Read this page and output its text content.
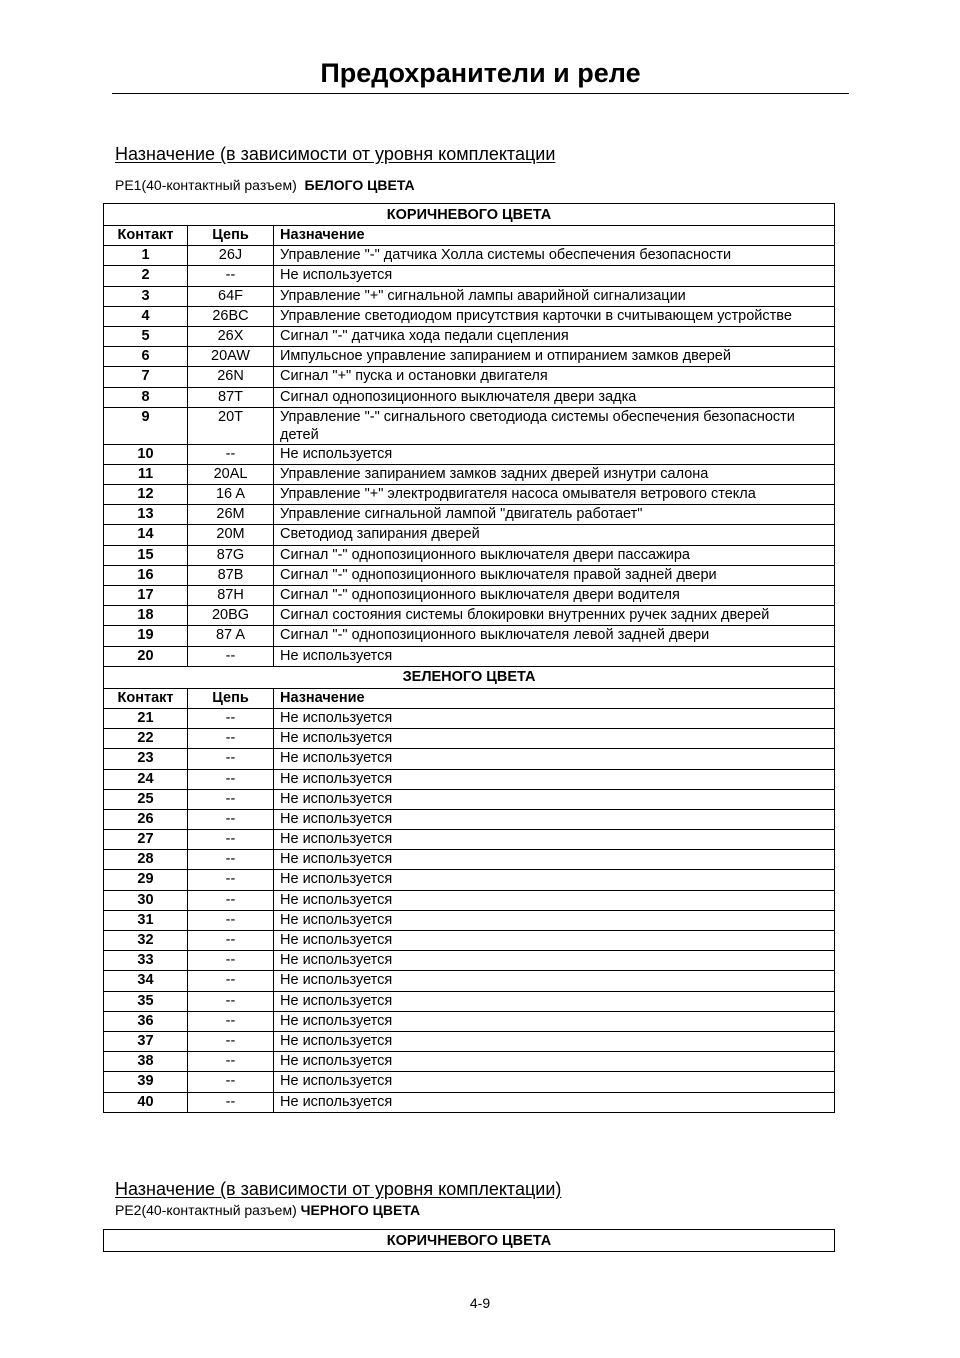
Предохранители и реле
Назначение (в зависимости от уровня комплектации
PE1(40-контактный разъем) БЕЛОГО ЦВЕТА
КОРИЧНЕВОГО ЦВЕТА		
Контакт	Цепь	Назначение
1	26J	Управление "-" датчика Холла системы обеспечения безопасности
2	--	Не используется
3	64F	Управление "+" сигнальной лампы аварийной сигнализации
4	26BC	Управление светодиодом присутствия карточки в считывающем устройстве
5	26X	Сигнал "-" датчика хода педали сцепления
6	20AW	Импульсное управление запиранием и отпиранием замков дверей
7	26N	Сигнал "+" пуска и остановки двигателя
8	87T	Сигнал однопозиционного выключателя двери задка
9	20T	Управление "-" сигнального светодиода системы обеспечения безопасности детей
10	--	Не используется
11	20AL	Управление запиранием замков задних дверей изнутри салона
12	16 A	Управление "+" электродвигателя насоса омывателя ветрового стекла
13	26M	Управление сигнальной лампой "двигатель работает"
14	20M	Светодиод запирания дверей
15	87G	Сигнал "-" однопозиционного выключателя двери пассажира
16	87B	Сигнал "-" однопозиционного выключателя правой задней двери
17	87H	Сигнал "-" однопозиционного выключателя двери водителя
18	20BG	Сигнал состояния системы блокировки внутренних ручек задних дверей
19	87 A	Сигнал "-" однопозиционного выключателя левой задней двери
20	--	Не используется
ЗЕЛЕНОГО ЦВЕТА		
Контакт	Цепь	Назначение
21	--	Не используется
22	--	Не используется
23	--	Не используется
24	--	Не используется
25	--	Не используется
26	--	Не используется
27	--	Не используется
28	--	Не используется
29	--	Не используется
30	--	Не используется
31	--	Не используется
32	--	Не используется
33	--	Не используется
34	--	Не используется
35	--	Не используется
36	--	Не используется
37	--	Не используется
38	--	Не используется
39	--	Не используется
40	--	Не используется
Назначение (в зависимости от уровня комплектации)
PE2(40-контактный разъем) ЧЕРНОГО ЦВЕТА
КОРИЧНЕВОГО ЦВЕТА
4-9
